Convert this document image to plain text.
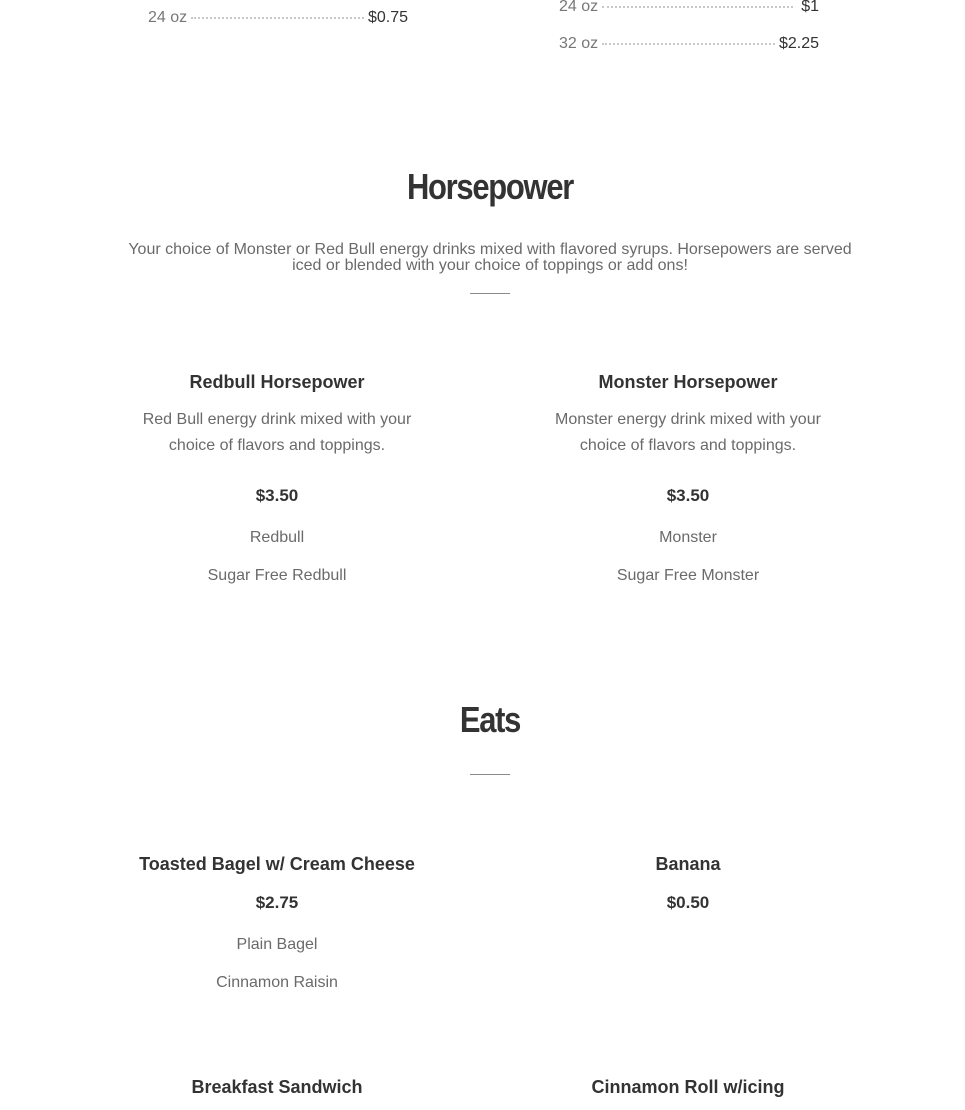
24 oz	$0.75
24 oz	$1
32 oz	$2.25
Horsepower
Your choice of Monster or Red Bull energy drinks mixed with flavored syrups. Horsepowers are served
iced or blended with your choice of toppings or add ons!
Redbull Horsepower
Red Bull energy drink mixed with your
choice of flavors and toppings.
$3.50
Redbull
Sugar Free Redbull
Monster Horsepower
Monster energy drink mixed with your
choice of flavors and toppings.
$3.50
Monster
Sugar Free Monster
Eats
Toasted Bagel w/ Cream Cheese
$2.75
Plain Bagel
Cinnamon Raisin
Banana
$0.50
Breakfast Sandwich	Cinnamon Roll w/icing
